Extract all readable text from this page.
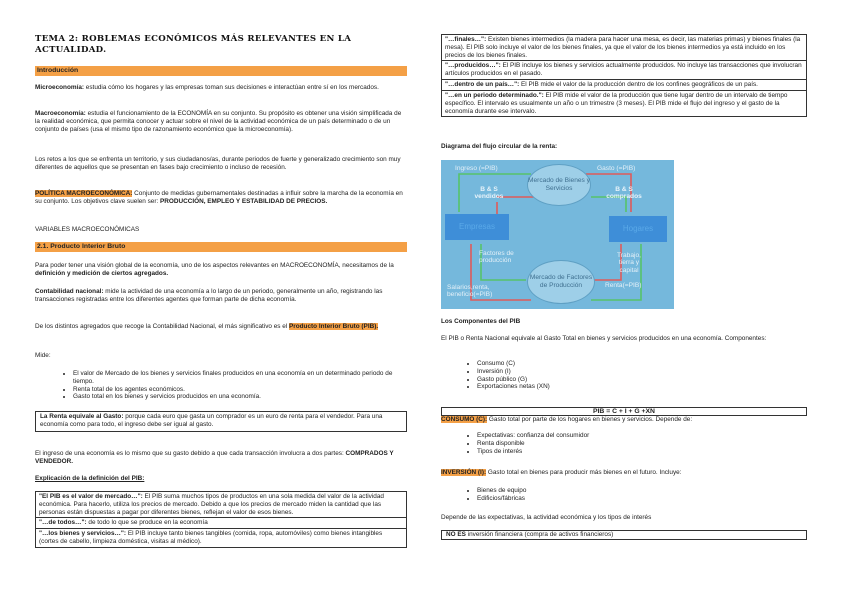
TEMA 2: ROBLEMAS ECONÓMICOS MÁS RELEVANTES EN LA ACTUALIDAD.
Introducción

Microeconomía: estudia cómo los hogares y las empresas toman sus decisiones e interactúan entre sí en los mercados.

Macroeconomía: estudia el funcionamiento de la ECONOMÍA en su conjunto. Su propósito es obtener una visión simplificada de la realidad económica, que permita conocer y actuar sobre el nivel de la actividad económica de un país determinado o de un conjunto de países (usa el mismo tipo de razonamiento económico que la microeconomía).

Los retos a los que se enfrenta un territorio, y sus ciudadanos/as, durante periodos de fuerte y generalizado crecimiento son muy diferentes de aquellos que se presentan en fases bajo crecimiento o incluso de recesión.

POLÍTICA MACROECONÓMICA: Conjunto de medidas gubernamentales destinadas a influir sobre la marcha de la economía en su conjunto. Los objetivos clave suelen ser: PRODUCCIÓN, EMPLEO Y ESTABILIDAD DE PRECIOS.

VARIABLES MACROECONÓMICAS

2.1. Producto Interior Bruto

Para poder tener una visión global de la economía, uno de los aspectos relevantes en MACROECONOMÍA, necesitamos de la definición y medición de ciertos agregados.

Contabilidad nacional: mide la actividad de una economía a lo largo de un periodo, generalmente un año, registrando las transacciones registradas entre los diferentes agentes que forman parte de dicha economía.

De los distintos agregados que recoge la Contabilidad Nacional, el más significativo es el Producto Interior Bruto (PIB).

Mide:

• El valor de Mercado de los bienes y servicios finales producidos en una economía en un determinado periodo de tiempo.
• Renta total de los agentes económicos.
• Gasto total en los bienes y servicios producidos en una economía.
La Renta equivale al Gasto: porque cada euro que gasta un comprador es un euro de renta para el vendedor. Para una economía como para todo, el ingreso debe ser igual al gasto.

El ingreso de una economía es lo mismo que su gasto debido a que cada transacción involucra a dos partes: COMPRADOS Y VENDEDOR.

Explicación de la definición del PIB:

"El PIB es el valor de mercado…": El PIB suma muchos tipos de productos en una sola medida del valor de la actividad económica. Para hacerlo, utiliza los precios de mercado. Debido a que los precios de mercado miden la cantidad que las personas están dispuestas a pagar por diferentes bienes, reflejan el valor de esos bienes.
"…de todos…": de todo lo que se produce en la economía
"…los bienes y servicios…": El PIB incluye tanto bienes tangibles (comida, ropa, automóviles) como bienes intangibles (cortes de cabello, limpieza doméstica, visitas al médico).
"…finales…": Existen bienes intermedios (la madera para hacer una mesa, es decir, las materias primas) y bienes finales (la mesa). El PIB solo incluye el valor de los bienes finales, ya que el valor de los bienes intermedios ya está incluido en los precios de los bienes finales.
"…producidos…": El PIB incluye los bienes y servicios actualmente producidos. No incluye las transacciones que involucran artículos producidos en el pasado.
"…dentro de un país…": El PIB mide el valor de la producción dentro de los confines geográficos de un país.
"…en un periodo determinado.": El PIB mide el valor de la producción que tiene lugar dentro de un intervalo de tiempo específico. El intervalo es usualmente un año o un trimestre (3 meses). El PIB mide el flujo del ingreso y el gasto de la economía durante ese intervalo.

Diagrama del flujo circular de la renta:

Mercado de Bienes y Servicios
Mercado de Factores de Producción
Empresas	Hogares
Ingreso (=PIB)	Gasto (=PIB)
B & S vendidos
B & S comprados
Factores de producción
Trabajo, tierra y capital
Salarios,renta, beneficio(=PIB)
Renta(=PIB)

Los Componentes del PIB

El PIB o Renta Nacional equivale al Gasto Total en bienes y servicios producidos en una economía. Componentes:

• Consumo (C)
• Inversión (I)
• Gasto público (G)
• Exportaciones netas (XN)
PIB = C + I + G +XN

CONSUMO (C): Gasto total por parte de los hogares en bienes y servicios. Depende de:

• Expectativas: confianza del consumidor
• Renta disponible
• Tipos de interés

INVERSIÓN (I): Gasto total en bienes para producir más bienes en el futuro. Incluye:

• Bienes de equipo
• Edificios/fábricas

Depende de las expectativas, la actividad económica y los tipos de interés

NO ES inversión financiera (compra de activos financieros)
